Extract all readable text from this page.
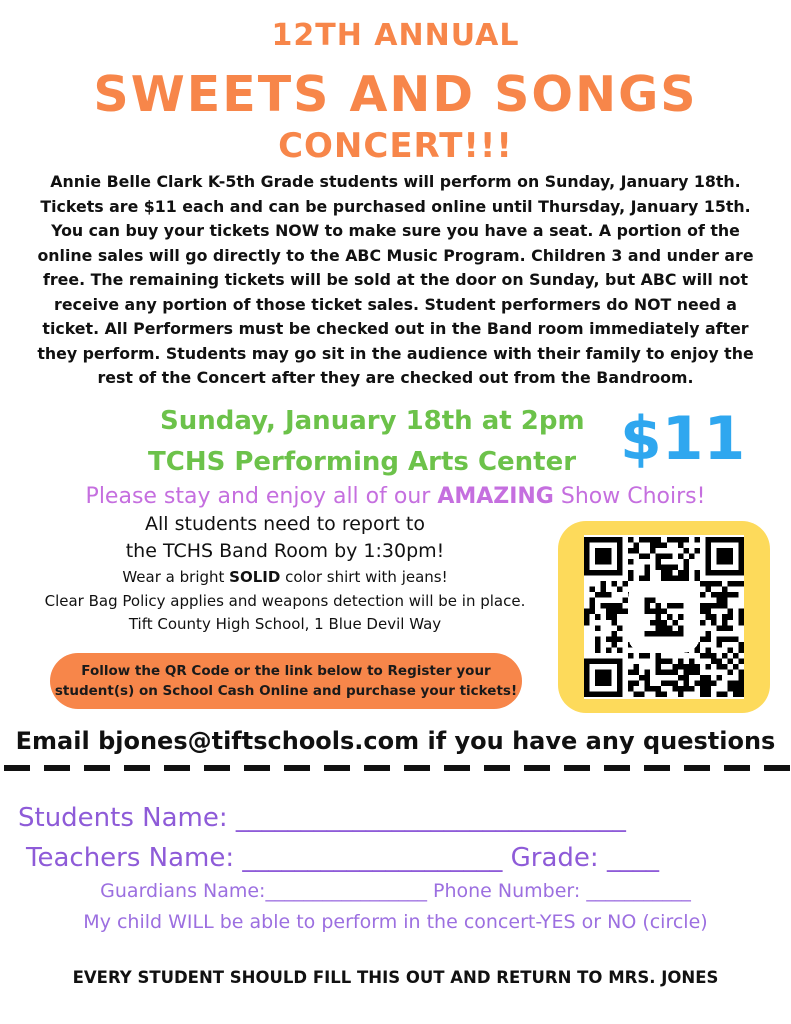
12TH ANNUAL
SWEETS AND SONGS
CONCERT!!!
Annie Belle Clark K-5th Grade students will perform on Sunday, January 18th. Tickets are $11 each and can be purchased online until Thursday, January 15th. You can buy your tickets NOW to make sure you have a seat. A portion of the online sales will go directly to the ABC Music Program. Children 3 and under are free. The remaining tickets will be sold at the door on Sunday, but ABC will not receive any portion of those ticket sales. Student performers do NOT need a ticket. All Performers must be checked out in the Band room immediately after they perform. Students may go sit in the audience with their family to enjoy the rest of the Concert after they are checked out from the Bandroom.
Sunday, January 18th at 2pm
TCHS Performing Arts Center $11
Please stay and enjoy all of our AMAZING Show Choirs!
All students need to report to
the TCHS Band Room by 1:30pm!
Wear a bright SOLID color shirt with jeans!
Clear Bag Policy applies and weapons detection will be in place.
Tift County High School, 1 Blue Devil Way
Follow the QR Code or the link below to Register your
student(s) on School Cash Online and purchase your tickets!
Email bjones@tiftschools.com if you have any questions
Students Name: ______________________________
Teachers Name: ____________________ Grade: ____
Guardians Name:_________________ Phone Number: ___________
My child WILL be able to perform in the concert-YES or NO (circle)
EVERY STUDENT SHOULD FILL THIS OUT AND RETURN TO MRS. JONES
